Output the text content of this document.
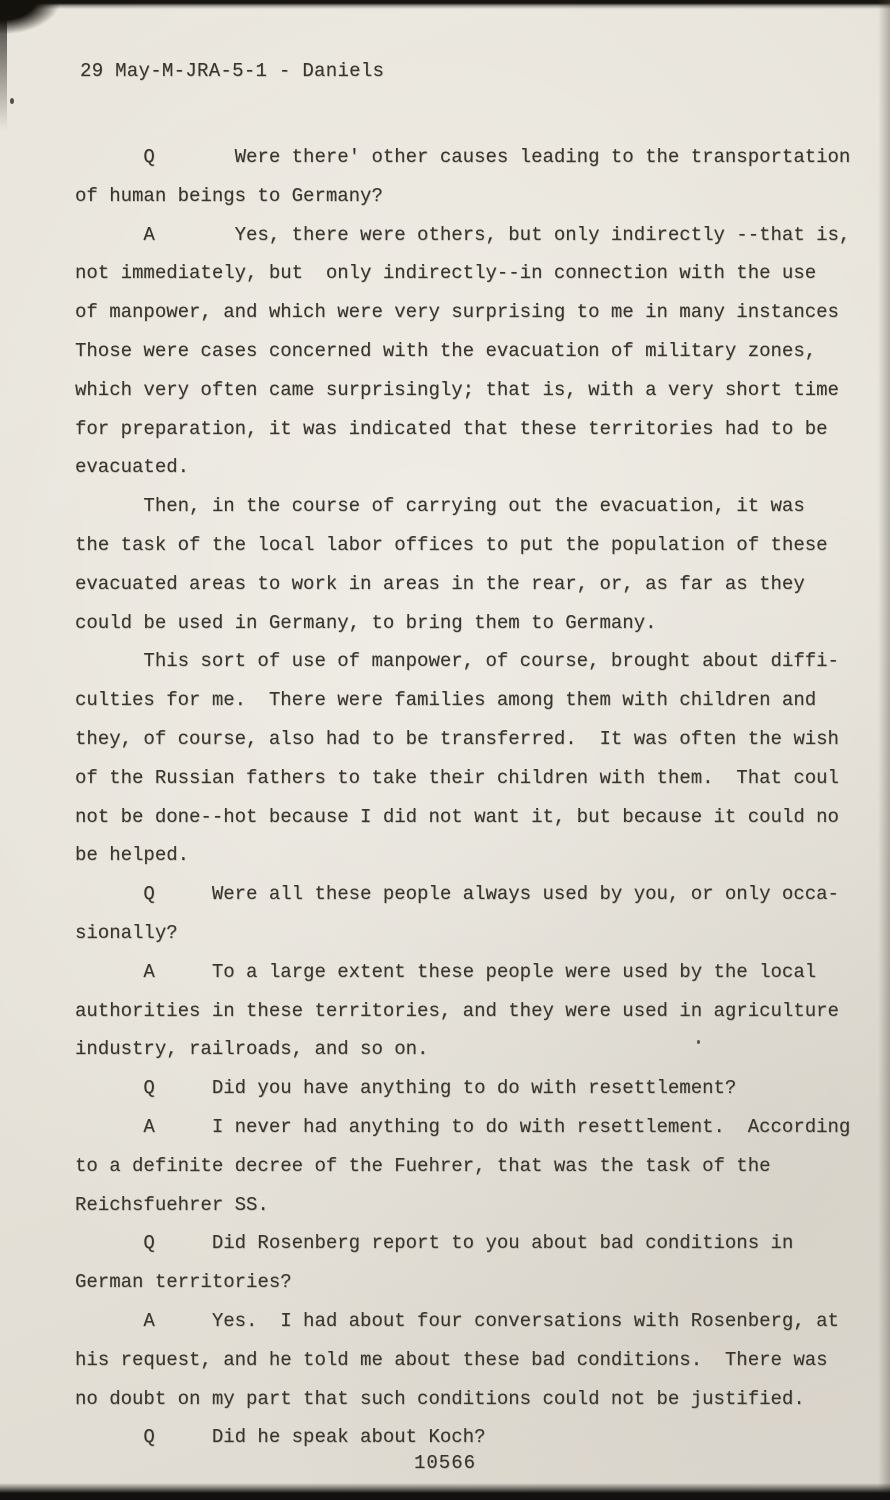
29 May-M-JRA-5-1 - Daniels
Q       Were there' other causes leading to the transportation
of human beings to Germany?
A       Yes, there were others, but only indirectly --that is,
not immediately, but  only indirectly--in connection with the use
of manpower, and which were very surprising to me in many instances
Those were cases concerned with the evacuation of military zones,
which very often came surprisingly; that is, with a very short time
for preparation, it was indicated that these territories had to be
evacuated.
Then, in the course of carrying out the evacuation, it was
the task of the local labor offices to put the population of these
evacuated areas to work in areas in the rear, or, as far as they
could be used in Germany, to bring them to Germany.
This sort of use of manpower, of course, brought about diffi-
culties for me.  There were families among them with children and
they, of course, also had to be transferred.  It was often the wish
of the Russian fathers to take their children with them.  That coul
not be done--hot because I did not want it, but because it could no
be helped.
Q     Were all these people always used by you, or only occa-
sionally?
A     To a large extent these people were used by the local
authorities in these territories, and they were used in agriculture
industry, railroads, and so on.
Q     Did you have anything to do with resettlement?
A     I never had anything to do with resettlement.  According
to a definite decree of the Fuehrer, that was the task of the
Reichsfuehrer SS.
Q     Did Rosenberg report to you about bad conditions in
German territories?
A     Yes.  I had about four conversations with Rosenberg, at
his request, and he told me about these bad conditions.  There was
no doubt on my part that such conditions could not be justified.
Q     Did he speak about Koch?
10566
